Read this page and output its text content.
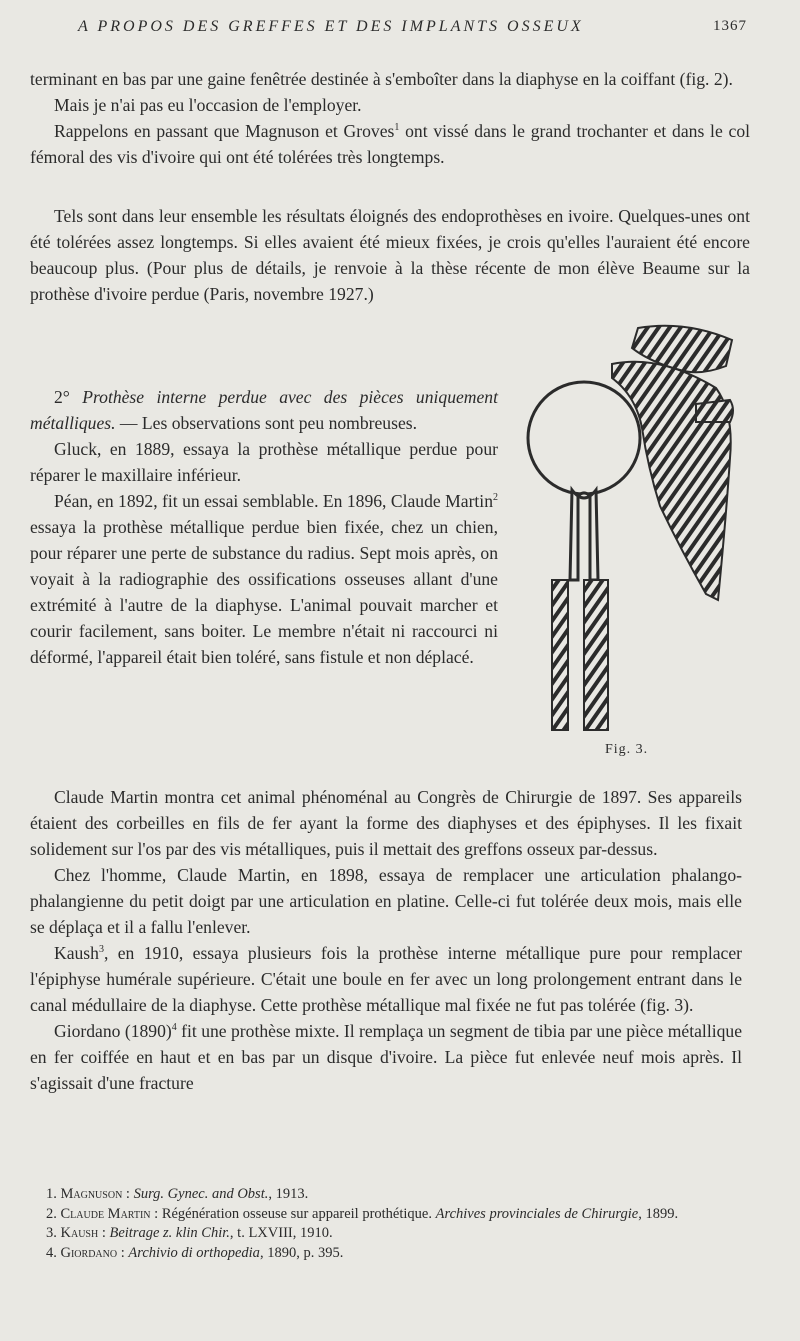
A PROPOS DES GREFFES ET DES IMPLANTS OSSEUX	1367

terminant en bas par une gaine fenêtrée destinée à s'emboîter dans la diaphyse en la coiffant (fig. 2).

Mais je n'ai pas eu l'occasion de l'employer.

Rappelons en passant que Magnuson et Groves$^1$ ont vissé dans le grand trochanter et dans le col fémoral des vis d'ivoire qui ont été tolérées très longtemps.

Tels sont dans leur ensemble les résultats éloignés des endoprothèses en ivoire. Quelques-unes ont été tolérées assez longtemps. Si elles avaient été mieux fixées, je crois qu'elles l'auraient été encore beaucoup plus. (Pour plus de détails, je renvoie à la thèse récente de mon élève Beaume sur la prothèse d'ivoire perdue (Paris, novembre 1927.)

2° Prothèse interne perdue avec des pièces uniquement métalliques. — Les observations sont peu nombreuses.

Gluck, en 1889, essaya la prothèse métallique perdue pour réparer le maxillaire inférieur.

Péan, en 1892, fit un essai semblable. En 1896, Claude Martin$^2$ essaya la prothèse métallique perdue bien fixée, chez un chien, pour réparer une perte de substance du radius. Sept mois après, on voyait à la radiographie des ossifications osseuses allant d'une extrémité à l'autre de la diaphyse. L'animal pouvait marcher et courir facilement, sans boiter. Le membre n'était ni raccourci ni déformé, l'appareil était bien toléré, sans fistule et non déplacé.

Fig. 3.

Claude Martin montra cet animal phénoménal au Congrès de Chirurgie de 1897. Ses appareils étaient des corbeilles en fils de fer ayant la forme des diaphyses et des épiphyses. Il les fixait solidement sur l'os par des vis métalliques, puis il mettait des greffons osseux par-dessus.

Chez l'homme, Claude Martin, en 1898, essaya de remplacer une articulation phalango-phalangienne du petit doigt par une articulation en platine. Celle-ci fut tolérée deux mois, mais elle se déplaça et il a fallu l'enlever.

Kaush$^3$, en 1910, essaya plusieurs fois la prothèse interne métallique pure pour remplacer l'épiphyse humérale supérieure. C'était une boule en fer avec un long prolongement entrant dans le canal médullaire de la diaphyse. Cette prothèse métallique mal fixée ne fut pas tolérée (fig. 3).

Giordano $(1890)^4$ fit une prothèse mixte. Il remplaça un segment de tibia par une pièce métallique en fer coiffée en haut et en bas par un disque d'ivoire. La pièce fut enlevée neuf mois après. Il s'agissait d'une fracture

1. Magnuson : Surg. Gynec. and Obst., 1913.

2. Claude Martin : Régénération osseuse sur appareil prothétique. Archives provinciales de Chirurgie, 1899.

3. Kaush : Beitrage z. klin Chir., t. LXVIII, 1910.

4. Giordano : Archivio di orthopedia, 1890, p. 395.
